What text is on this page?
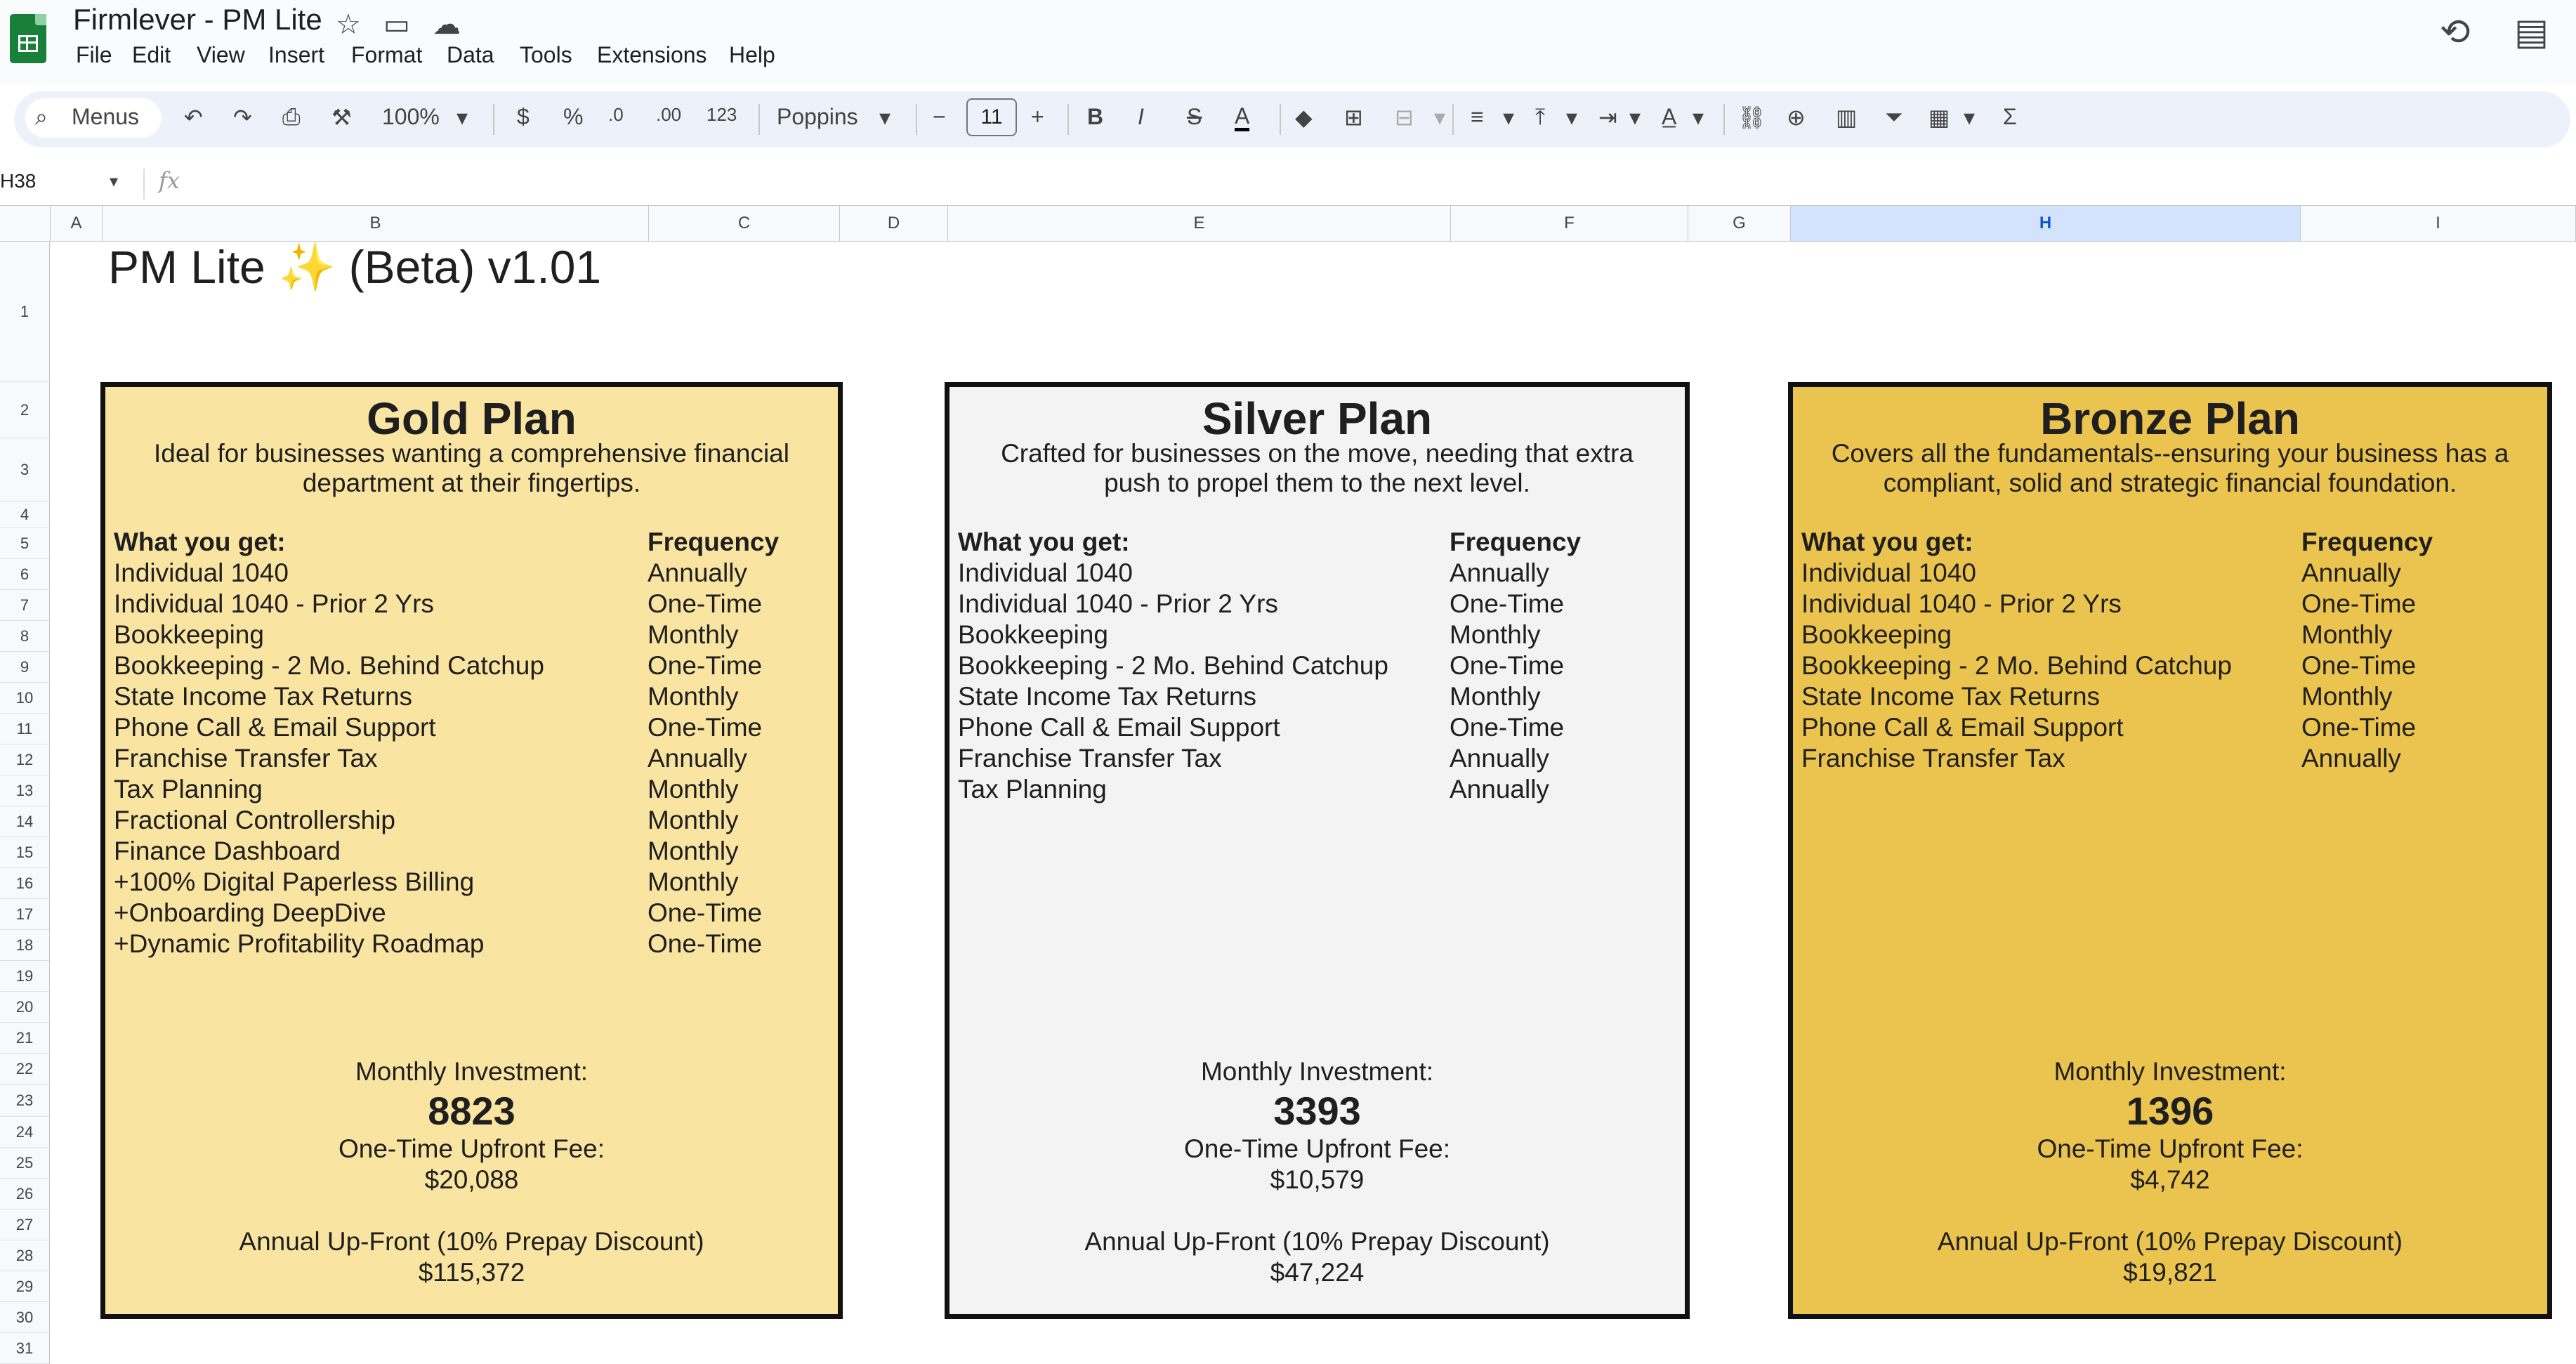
Firmlever - PM Lite ☆ ▭ ☁
File Edit View Insert Format Data Tools Extensions Help
⟲ ▤
⌕ Menus ↶ ↷ ⎙ ⚒ 100% ▾ $ % .0 .00 123 Poppins ▾ −	11	+ B I S A ◆ ⊞ ⊟ ▾ ≡ ▾ ⤒ ▾ ⇥ ▾ A̲ ▾ ⛓ ⊕ ▥ ⏷ ▦ ▾ Σ
H38	▾ fx
A	B	C	D	E	F	G	H	I
1
2
3
4
5
6
7
8
9
10
11
12
13
14
15
16
17
18
19
20
21
22
23
24
25
26
27
28
29
30
31
PM Lite ✨ (Beta) v1.01
Gold Plan
Ideal for businesses wanting a comprehensive financial
department at their fingertips.
What you get:	Frequency
Individual 1040	Annually
Individual 1040 - Prior 2 Yrs	One-Time
Bookkeeping	Monthly
Bookkeeping - 2 Mo. Behind Catchup	One-Time
State Income Tax Returns	Monthly
Phone Call & Email Support	One-Time
Franchise Transfer Tax	Annually
Tax Planning	Monthly
Fractional Controllership	Monthly
Finance Dashboard	Monthly
+100% Digital Paperless Billing	Monthly
+Onboarding DeepDive	One-Time
+Dynamic Profitability Roadmap	One-Time
Monthly Investment:
8823
One-Time Upfront Fee:
$20,088
Annual Up-Front (10% Prepay Discount)
$115,372
Silver Plan
Crafted for businesses on the move, needing that extra
push to propel them to the next level.
What you get:	Frequency
Individual 1040	Annually
Individual 1040 - Prior 2 Yrs	One-Time
Bookkeeping	Monthly
Bookkeeping - 2 Mo. Behind Catchup One-Time
State Income Tax Returns	Monthly
Phone Call & Email Support	One-Time
Franchise Transfer Tax	Annually
Tax Planning	Annually
Monthly Investment:
3393
One-Time Upfront Fee:
$10,579
Annual Up-Front (10% Prepay Discount)
$47,224
Bronze Plan
Covers all the fundamentals--ensuring your business has a
compliant, solid and strategic financial foundation.
What you get:	Frequency
Individual 1040	Annually
Individual 1040 - Prior 2 Yrs	One-Time
Bookkeeping	Monthly
Bookkeeping - 2 Mo. Behind Catchup	One-Time
State Income Tax Returns	Monthly
Phone Call & Email Support	One-Time
Franchise Transfer Tax	Annually
Monthly Investment:
1396
One-Time Upfront Fee:
$4,742
Annual Up-Front (10% Prepay Discount)
$19,821
